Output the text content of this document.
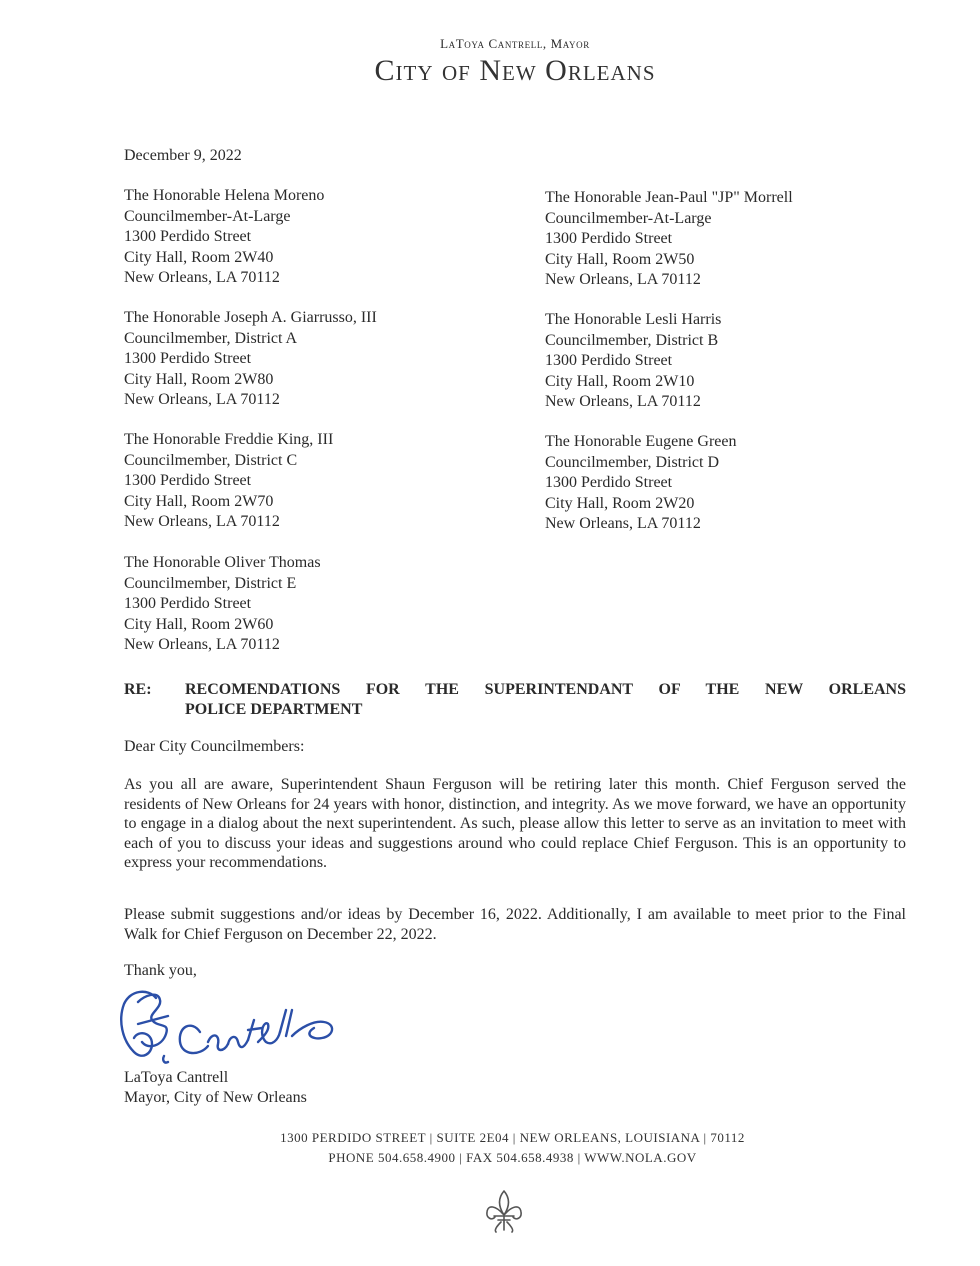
LaToya Cantrell, Mayor
City of New Orleans
December 9, 2022
The Honorable Helena Moreno
Councilmember-At-Large
1300 Perdido Street
City Hall, Room 2W40
New Orleans, LA 70112
The Honorable Jean-Paul "JP" Morrell
Councilmember-At-Large
1300 Perdido Street
City Hall, Room 2W50
New Orleans, LA 70112
The Honorable Joseph A. Giarrusso, III
Councilmember, District A
1300 Perdido Street
City Hall, Room 2W80
New Orleans, LA 70112
The Honorable Lesli Harris
Councilmember, District B
1300 Perdido Street
City Hall, Room 2W10
New Orleans, LA 70112
The Honorable Freddie King, III
Councilmember, District C
1300 Perdido Street
City Hall, Room 2W70
New Orleans, LA 70112
The Honorable Eugene Green
Councilmember, District D
1300 Perdido Street
City Hall, Room 2W20
New Orleans, LA 70112
The Honorable Oliver Thomas
Councilmember, District E
1300 Perdido Street
City Hall, Room 2W60
New Orleans, LA 70112
RE: RECOMENDATIONS FOR THE SUPERINTENDANT OF THE NEW ORLEANS
POLICE DEPARTMENT
Dear City Councilmembers:
As you all are aware, Superintendent Shaun Ferguson will be retiring later this month. Chief Ferguson served the residents of New Orleans for 24 years with honor, distinction, and integrity. As we move forward, we have an opportunity to engage in a dialog about the next superintendent. As such, please allow this letter to serve as an invitation to meet with each of you to discuss your ideas and suggestions around who could replace Chief Ferguson. This is an opportunity to express your recommendations.
Please submit suggestions and/or ideas by December 16, 2022. Additionally, I am available to meet prior to the Final Walk for Chief Ferguson on December 22, 2022.
Thank you,
LaToya Cantrell
Mayor, City of New Orleans
1300 PERDIDO STREET | SUITE 2E04 | NEW ORLEANS, LOUISIANA | 70112
PHONE 504.658.4900 | FAX 504.658.4938 | WWW.NOLA.GOV
